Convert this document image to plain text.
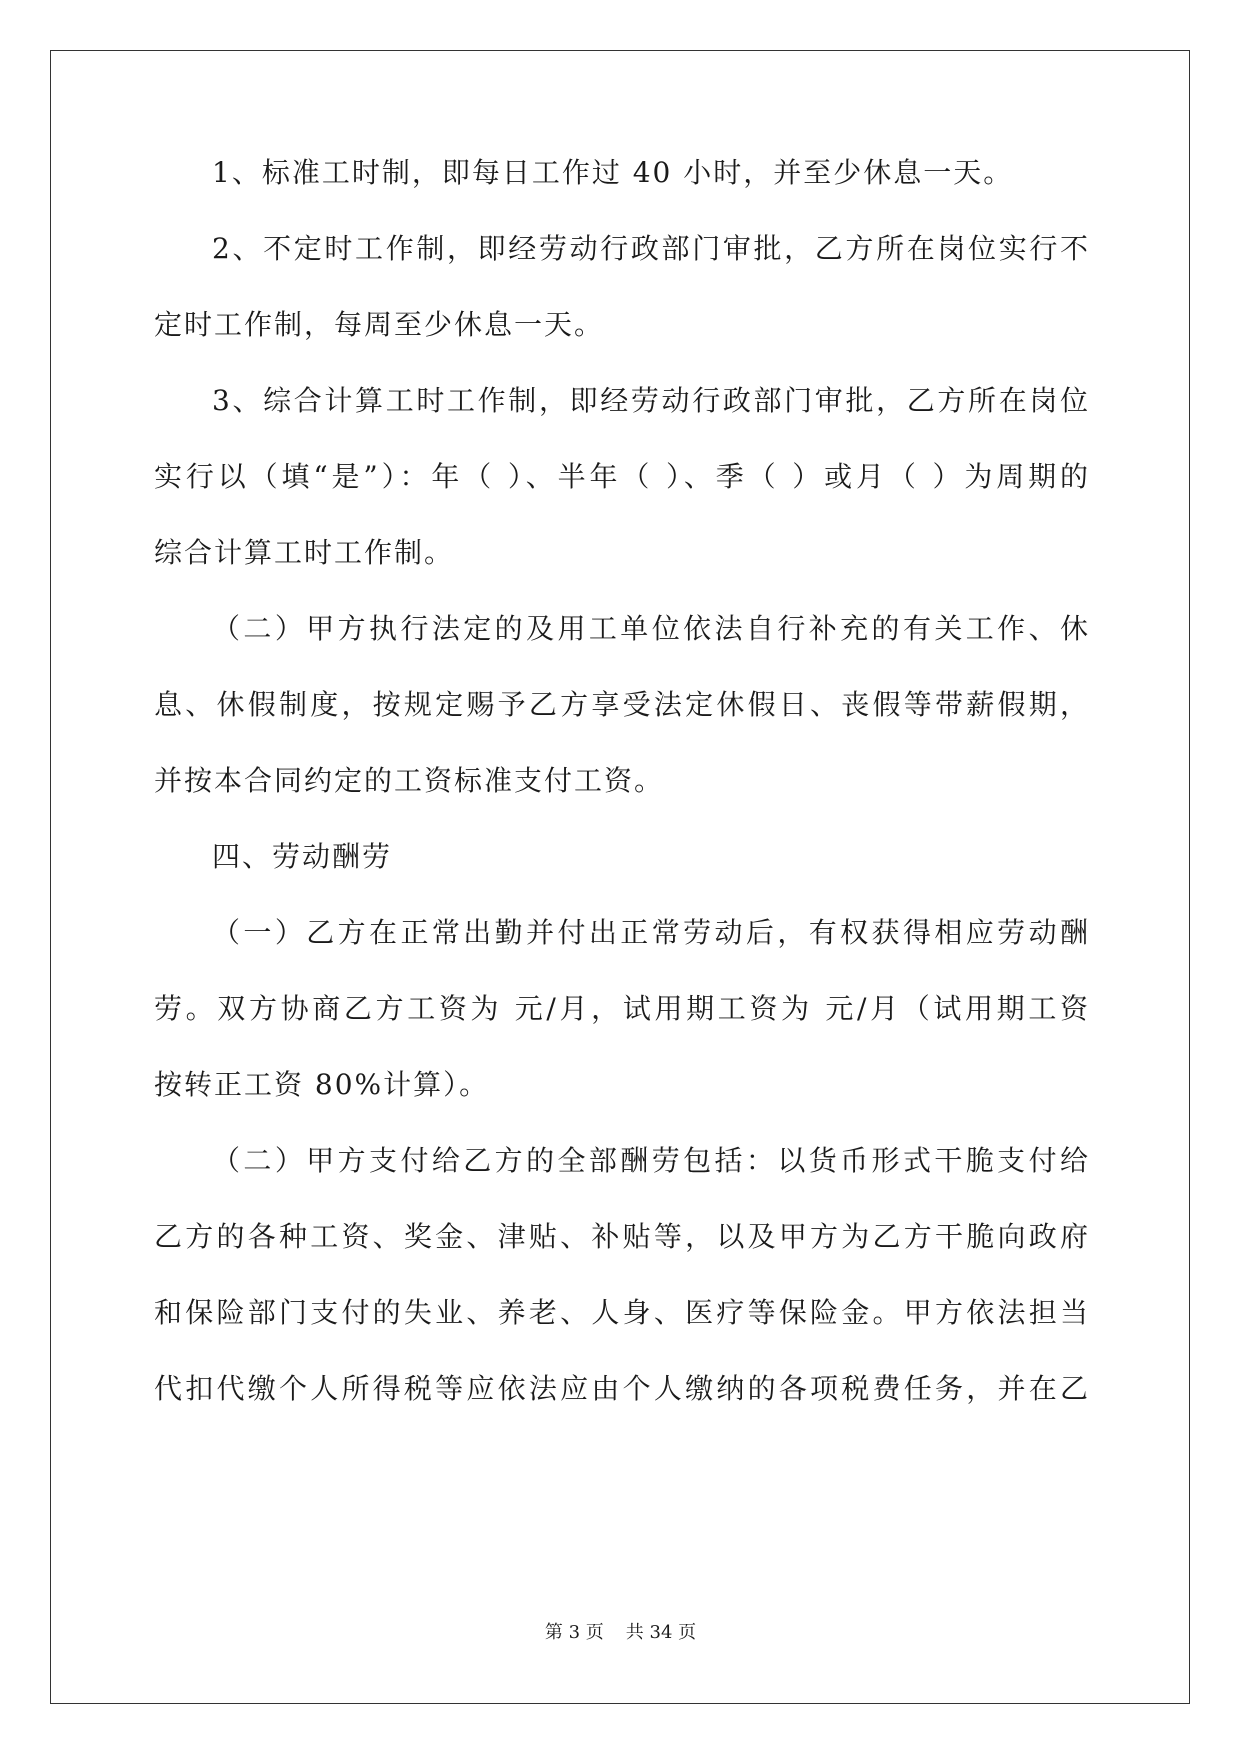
1、标准工时制，即每日工作过 40 小时，并至少休息一天。
2、不定时工作制，即经劳动行政部门审批，乙方所在岗位实行不
定时工作制，每周至少休息一天。
3、综合计算工时工作制，即经劳动行政部门审批，乙方所在岗位
实行以（填“是”）：年（ ）、半年（ ）、季（ ）或月（ ）为周期的
综合计算工时工作制。
（二）甲方执行法定的及用工单位依法自行补充的有关工作、休
息、休假制度，按规定赐予乙方享受法定休假日、丧假等带薪假期，
并按本合同约定的工资标准支付工资。
四、劳动酬劳
（一）乙方在正常出勤并付出正常劳动后，有权获得相应劳动酬
劳。双方协商乙方工资为 元/月，试用期工资为 元/月（试用期工资
按转正工资 80%计算）。
（二）甲方支付给乙方的全部酬劳包括：以货币形式干脆支付给
乙方的各种工资、奖金、津贴、补贴等，以及甲方为乙方干脆向政府
和保险部门支付的失业、养老、人身、医疗等保险金。甲方依法担当
代扣代缴个人所得税等应依法应由个人缴纳的各项税费任务，并在乙
第 3 页 共 34 页
